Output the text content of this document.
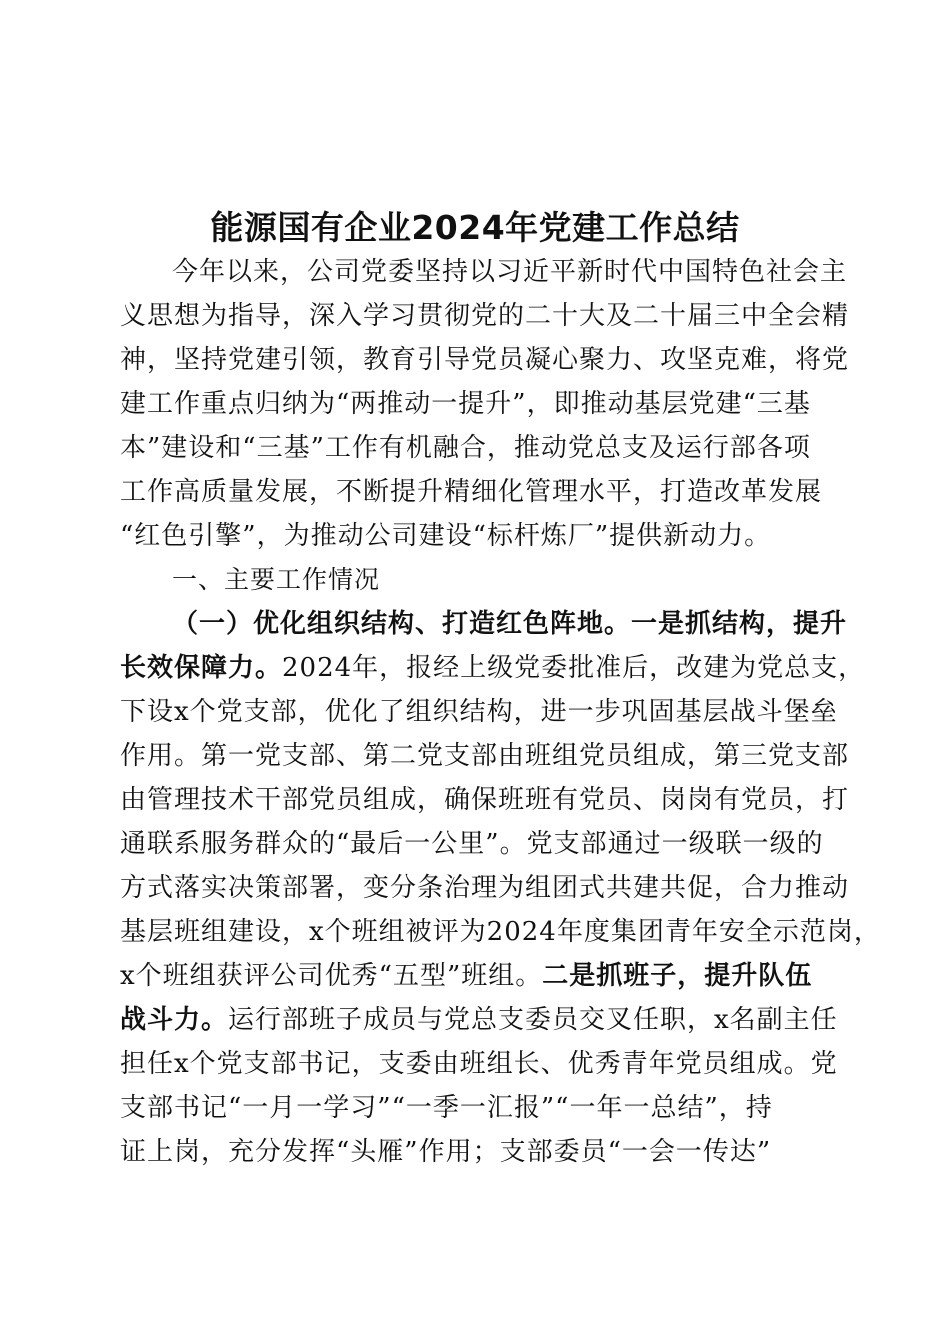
能源国有企业2024年党建工作总结
今年以来，公司党委坚持以习近平新时代中国特色社会主
义思想为指导，深入学习贯彻党的二十大及二十届三中全会精
神，坚持党建引领，教育引导党员凝心聚力、攻坚克难，将党
建工作重点归纳为“两推动一提升”，即推动基层党建“三基
本”建设和“三基”工作有机融合，推动党总支及运行部各项
工作高质量发展，不断提升精细化管理水平，打造改革发展
“红色引擎”，为推动公司建设“标杆炼厂”提供新动力。
一、主要工作情况
（一）优化组织结构、打造红色阵地。一是抓结构，提升
长效保障力。2024年，报经上级党委批准后，改建为党总支，
下设x个党支部，优化了组织结构，进一步巩固基层战斗堡垒
作用。第一党支部、第二党支部由班组党员组成，第三党支部
由管理技术干部党员组成，确保班班有党员、岗岗有党员，打
通联系服务群众的“最后一公里”。党支部通过一级联一级的
方式落实决策部署，变分条治理为组团式共建共促，合力推动
基层班组建设，x个班组被评为2024年度集团青年安全示范岗，
x个班组获评公司优秀“五型”班组。二是抓班子，提升队伍
战斗力。运行部班子成员与党总支委员交叉任职，x名副主任
担任x个党支部书记，支委由班组长、优秀青年党员组成。党
支部书记“一月一学习”“一季一汇报”“一年一总结”，持
证上岗，充分发挥“头雁”作用；支部委员“一会一传达”
